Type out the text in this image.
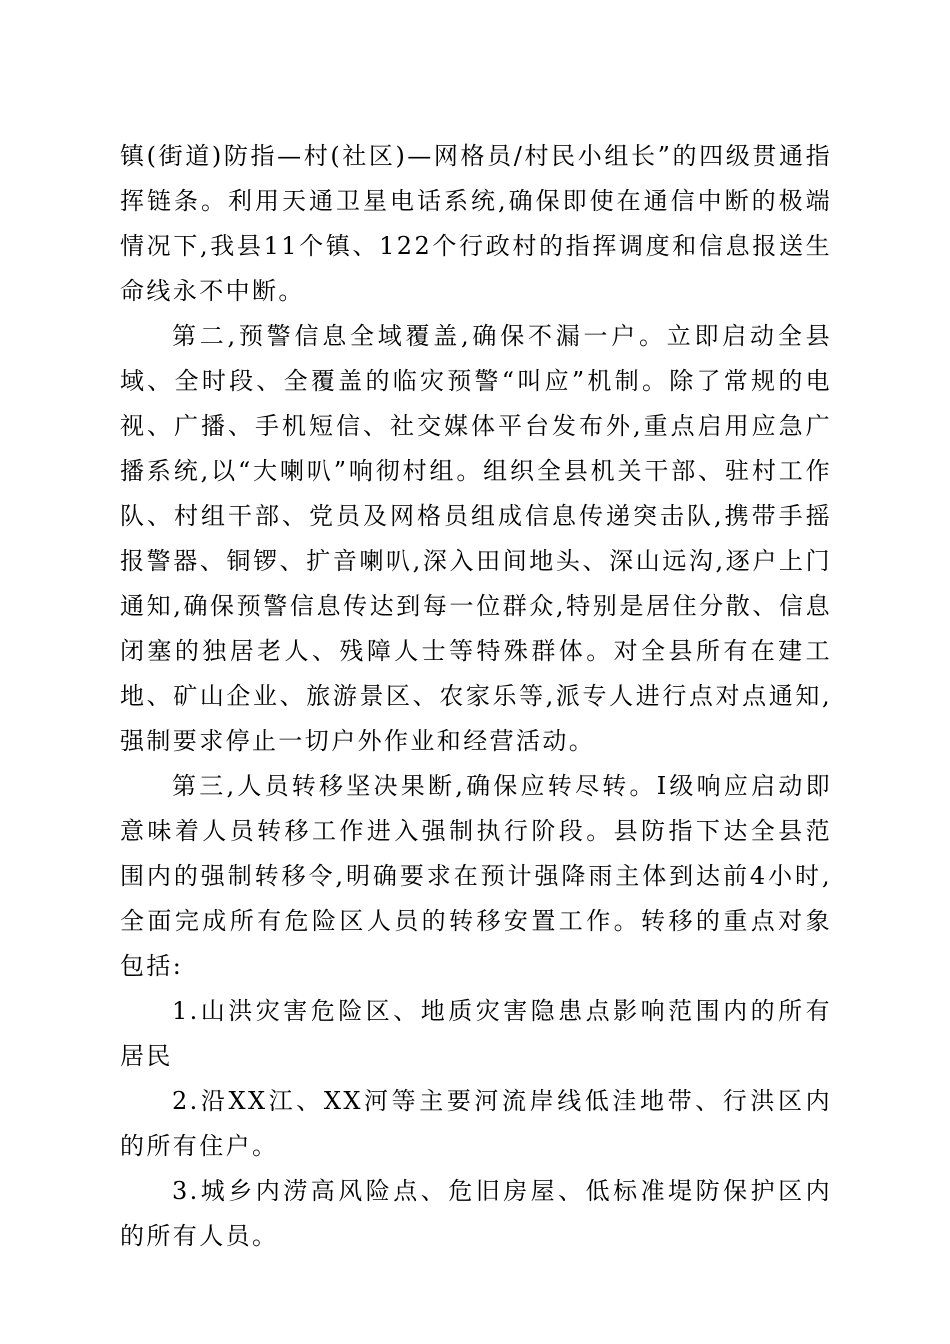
镇(街道)防指—村(社区)—网格员/村民小组长”的四级贯通指挥链条。利用天通卫星电话系统,确保即使在通信中断的极端情况下,我县11个镇、122个行政村的指挥调度和信息报送生命线永不中断。

第二,预警信息全域覆盖,确保不漏一户。立即启动全县域、全时段、全覆盖的临灾预警“叫应”机制。除了常规的电视、广播、手机短信、社交媒体平台发布外,重点启用应急广播系统,以“大喇叭”响彻村组。组织全县机关干部、驻村工作队、村组干部、党员及网格员组成信息传递突击队,携带手摇报警器、铜锣、扩音喇叭,深入田间地头、深山远沟,逐户上门通知,确保预警信息传达到每一位群众,特别是居住分散、信息闭塞的独居老人、残障人士等特殊群体。对全县所有在建工地、矿山企业、旅游景区、农家乐等,派专人进行点对点通知,强制要求停止一切户外作业和经营活动。

第三,人员转移坚决果断,确保应转尽转。I级响应启动即意味着人员转移工作进入强制执行阶段。县防指下达全县范围内的强制转移令,明确要求在预计强降雨主体到达前4小时,全面完成所有危险区人员的转移安置工作。转移的重点对象包括:

1.山洪灾害危险区、地质灾害隐患点影响范围内的所有居民

2.沿XX江、XX河等主要河流岸线低洼地带、行洪区内的所有住户。

3.城乡内涝高风险点、危旧房屋、低标准堤防保护区内的所有人员。
